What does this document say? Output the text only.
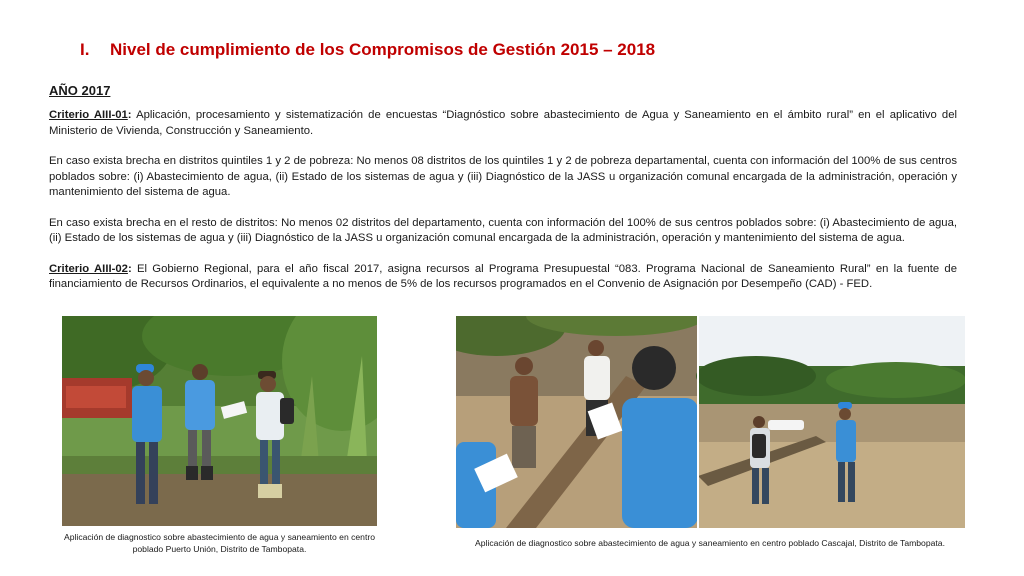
I. Nivel de cumplimiento de los Compromisos de Gestión 2015 – 2018
AÑO 2017

Criterio AIII-01: Aplicación, procesamiento y sistematización de encuestas “Diagnóstico sobre abastecimiento de Agua y Saneamiento en el ámbito rural” en el aplicativo del Ministerio de Vivienda, Construcción y Saneamiento.

En caso exista brecha en distritos quintiles 1 y 2 de pobreza: No menos 08 distritos de los quintiles 1 y 2 de pobreza departamental, cuenta con información del 100% de sus centros poblados sobre: (i) Abastecimiento de agua, (ii) Estado de los sistemas de agua y (iii) Diagnóstico de la JASS u organización comunal encargada de la administración, operación y mantenimiento del sistema de agua.

En caso exista brecha en el resto de distritos: No menos 02 distritos del departamento, cuenta con información del 100% de sus centros poblados sobre: (i) Abastecimiento de agua, (ii) Estado de los sistemas de agua y (iii) Diagnóstico de la JASS u organización comunal encargada de la administración, operación y mantenimiento del sistema de agua.

Criterio AIII-02: El Gobierno Regional, para el año fiscal 2017, asigna recursos al Programa Presupuestal “083. Programa Nacional de Saneamiento Rural” en la fuente de financiamiento de Recursos Ordinarios, el equivalente a no menos de 5% de los recursos programados en el Convenio de Asignación por Desempeño (CAD) - FED.

Aplicación de diagnostico sobre abastecimiento de agua y saneamiento en centro poblado Puerto Unión, Distrito de Tambopata.
Aplicación de diagnostico sobre abastecimiento de agua y saneamiento en centro poblado Cascajal, Distrito de Tambopata.
